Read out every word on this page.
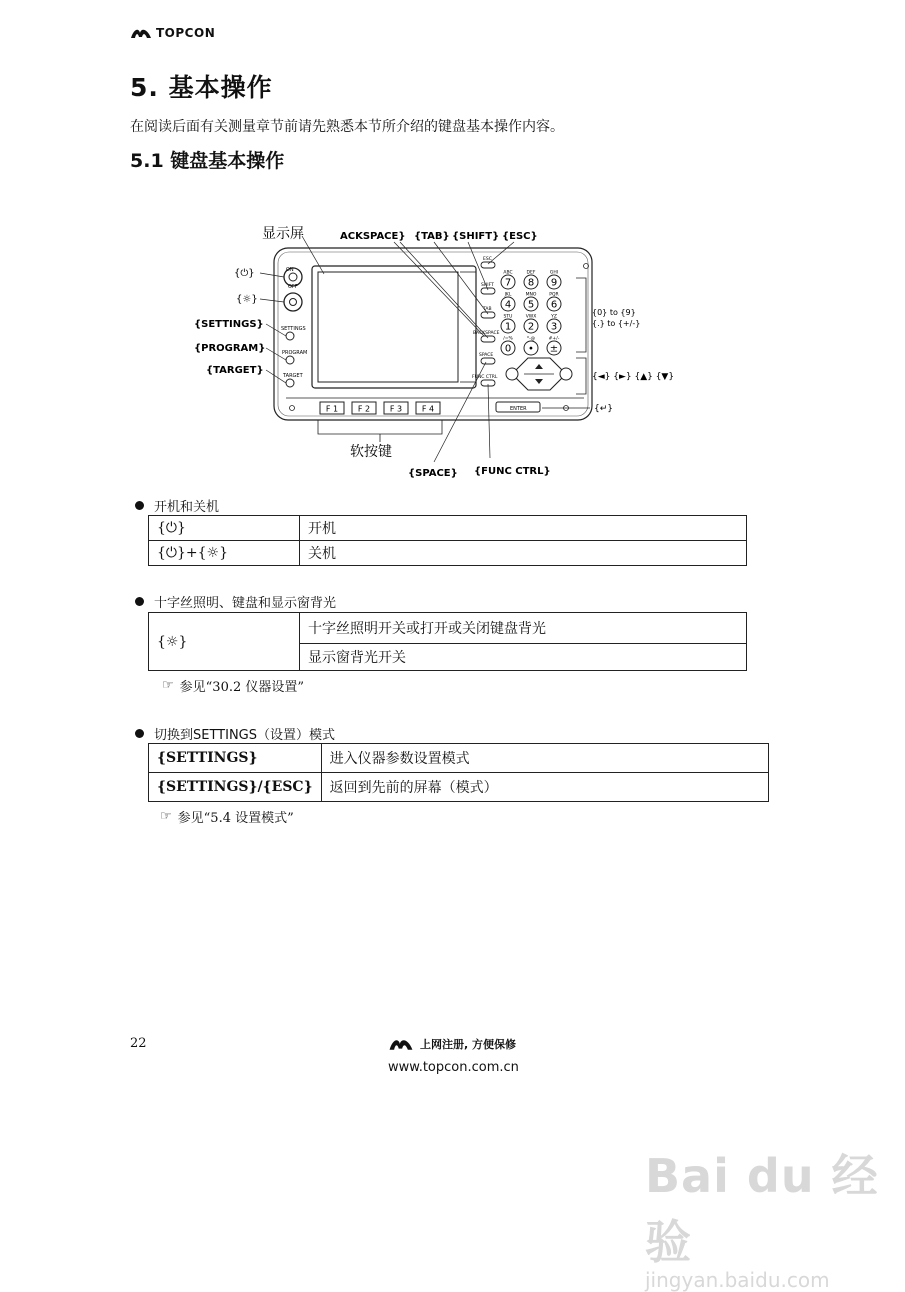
TOPCON
5. 基本操作
在阅读后面有关测量章节前请先熟悉本节所介绍的键盘基本操作内容。
5.1 键盘基本操作
ON
OFF
SETTINGS
PROGRAM
TARGET
ESC
SHIFT
TAB
BACKSPACE
SPACE
FUNC CTRL
7
ABC
8
DEF
9
GHI
4
JKL
5
MNO
6
PQR
1
STU
2
VWX
3
YZ
0
/=%
•
*-@
±
#+/-
F 1 F 2 F 3 F 4	ENTER
显示屏	ACKSPACE} {TAB} {SHIFT} {ESC}
{⏻}
{☼}
{SETTINGS}
{PROGRAM}
{TARGET}
{0} to {9}
{.} to {+/-}
{◄} {►} {▲} {▼}
{↵}
软按键
{SPACE} {FUNC CTRL}
开机和关机
{⏻}	开机
{⏻}+{☼}	关机
十字丝照明、键盘和显示窗背光
{☼}	十字丝照明开关或打开或关闭键盘背光
显示窗背光开关
☞ 参见“30.2 仪器设置”
切换到SETTINGS（设置）模式
{SETTINGS}	进入仪器参数设置模式
{SETTINGS}/{ESC}	返回到先前的屏幕（模式）
☞ 参见“5.4 设置模式”
22	上网注册, 方便保修
www.topcon.com.cn
Bai du 经验
jingyan.baidu.com
